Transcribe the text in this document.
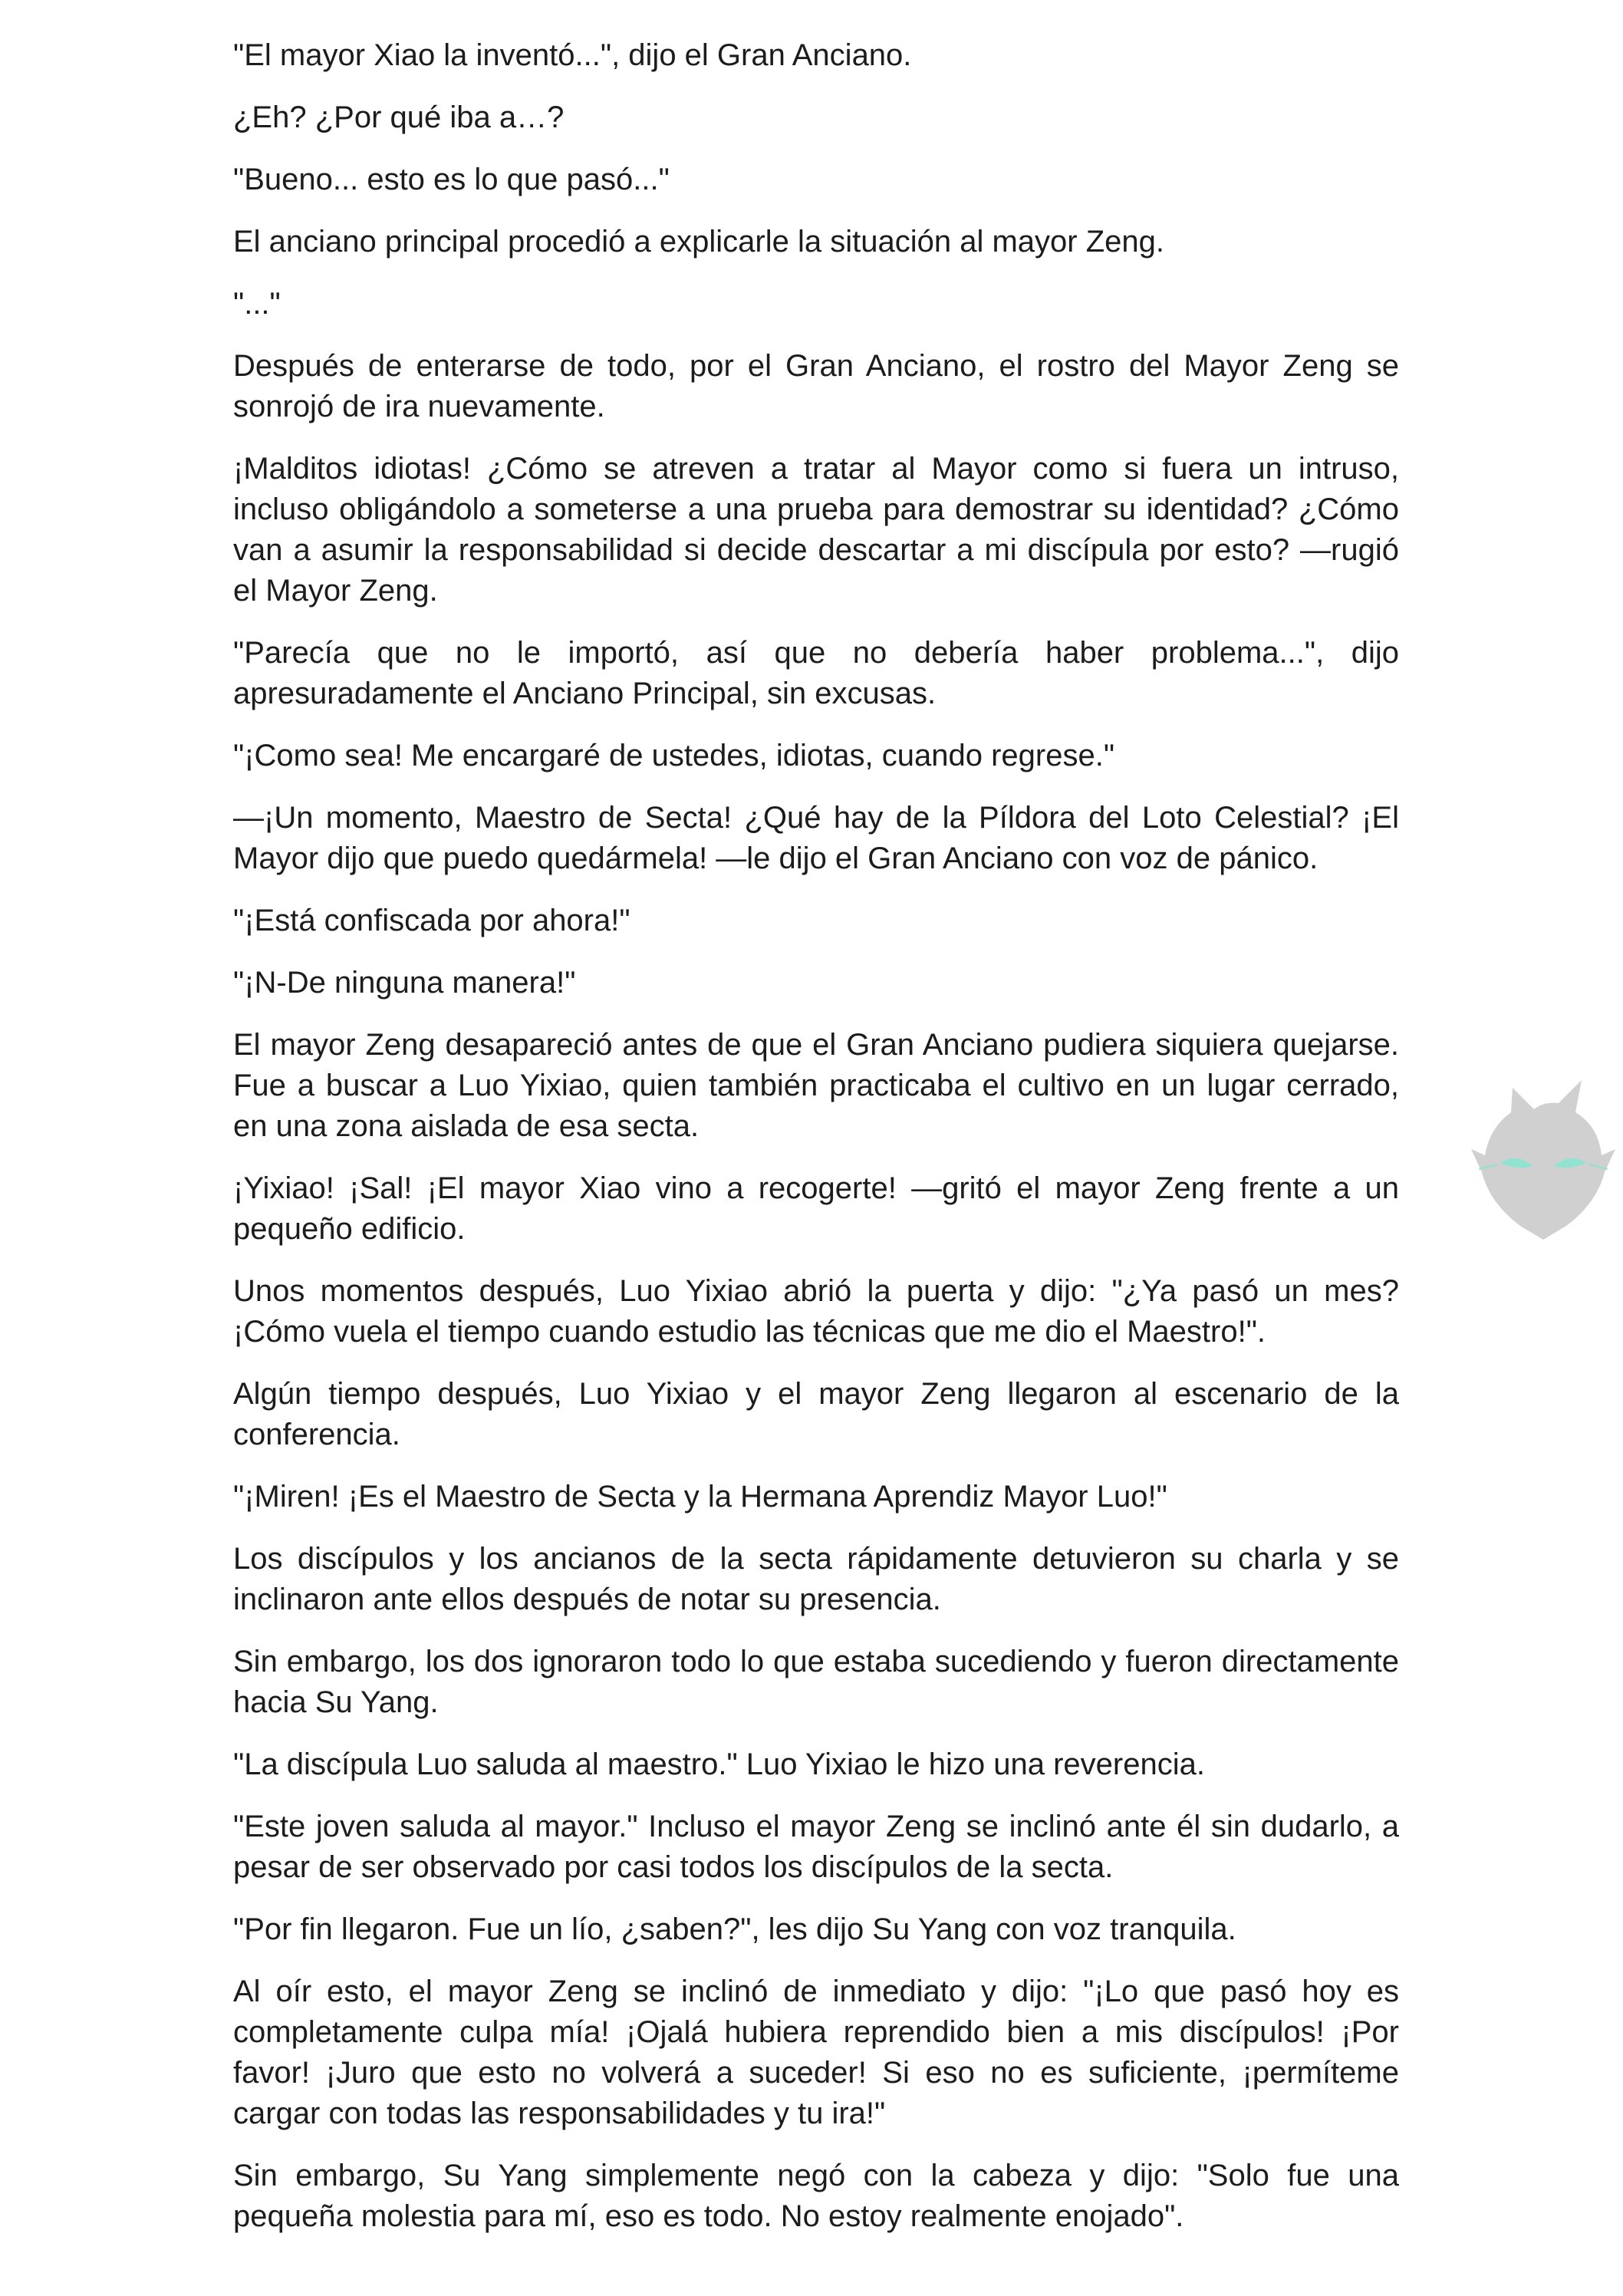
"El mayor Xiao la inventó...", dijo el Gran Anciano.

¿Eh? ¿Por qué iba a…?

"Bueno... esto es lo que pasó..."

El anciano principal procedió a explicarle la situación al mayor Zeng.

"..."

Después de enterarse de todo, por el Gran Anciano, el rostro del Mayor Zeng se sonrojó de ira nuevamente.

¡Malditos idiotas! ¿Cómo se atreven a tratar al Mayor como si fuera un intruso, incluso obligándolo a someterse a una prueba para demostrar su identidad? ¿Cómo van a asumir la responsabilidad si decide descartar a mi discípula por esto? —rugió el Mayor Zeng.

"Parecía que no le importó, así que no debería haber problema...", dijo apresuradamente el Anciano Principal, sin excusas.

"¡Como sea! Me encargaré de ustedes, idiotas, cuando regrese."

—¡Un momento, Maestro de Secta! ¿Qué hay de la Píldora del Loto Celestial? ¡El Mayor dijo que puedo quedármela! —le dijo el Gran Anciano con voz de pánico.

"¡Está confiscada por ahora!"

"¡N-De ninguna manera!"

El mayor Zeng desapareció antes de que el Gran Anciano pudiera siquiera quejarse. Fue a buscar a Luo Yixiao, quien también practicaba el cultivo en un lugar cerrado, en una zona aislada de esa secta.

¡Yixiao! ¡Sal! ¡El mayor Xiao vino a recogerte! —gritó el mayor Zeng frente a un pequeño edificio.

Unos momentos después, Luo Yixiao abrió la puerta y dijo: "¿Ya pasó un mes? ¡Cómo vuela el tiempo cuando estudio las técnicas que me dio el Maestro!".

Algún tiempo después, Luo Yixiao y el mayor Zeng llegaron al escenario de la conferencia.

"¡Miren! ¡Es el Maestro de Secta y la Hermana Aprendiz Mayor Luo!"

Los discípulos y los ancianos de la secta rápidamente detuvieron su charla y se inclinaron ante ellos después de notar su presencia.

Sin embargo, los dos ignoraron todo lo que estaba sucediendo y fueron directamente hacia Su Yang.

"La discípula Luo saluda al maestro." Luo Yixiao le hizo una reverencia.

"Este joven saluda al mayor." Incluso el mayor Zeng se inclinó ante él sin dudarlo, a pesar de ser observado por casi todos los discípulos de la secta.

"Por fin llegaron. Fue un lío, ¿saben?", les dijo Su Yang con voz tranquila.

Al oír esto, el mayor Zeng se inclinó de inmediato y dijo: "¡Lo que pasó hoy es completamente culpa mía! ¡Ojalá hubiera reprendido bien a mis discípulos! ¡Por favor! ¡Juro que esto no volverá a suceder! Si eso no es suficiente, ¡permíteme cargar con todas las responsabilidades y tu ira!"

Sin embargo, Su Yang simplemente negó con la cabeza y dijo: "Solo fue una pequeña molestia para mí, eso es todo. No estoy realmente enojado".
